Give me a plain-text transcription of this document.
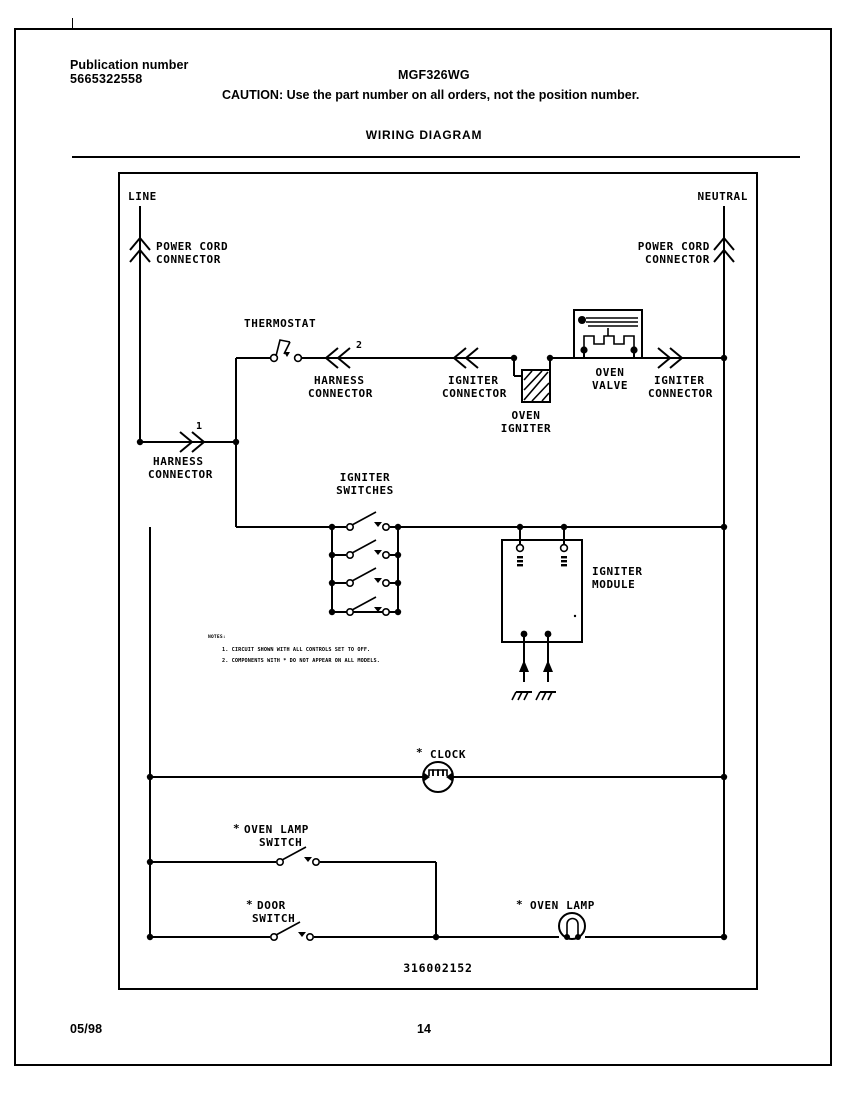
Publication number
5665322558	MGF326WG
CAUTION: Use the part number on all orders, not the position number.
WIRING DIAGRAM
LINE	NEUTRAL
POWER CORD
CONNECTOR
POWER CORD
CONNECTOR
1
HARNESS
CONNECTOR
THERMOSTAT
2
HARNESS
CONNECTOR
IGNITER
CONNECTOR
OVEN
IGNITER
OVEN
VALVE IGNITER
CONNECTOR
IGNITER
SWITCHES
IGNITER
MODULE
NOTES:
1. CIRCUIT SHOWN WITH ALL CONTROLS SET TO OFF.
2. COMPONENTS WITH * DO NOT APPEAR ON ALL MODELS.
* CLOCK
* OVEN LAMP
SWITCH
* DOOR
SWITCH
* OVEN LAMP
316002152
05/98	14
